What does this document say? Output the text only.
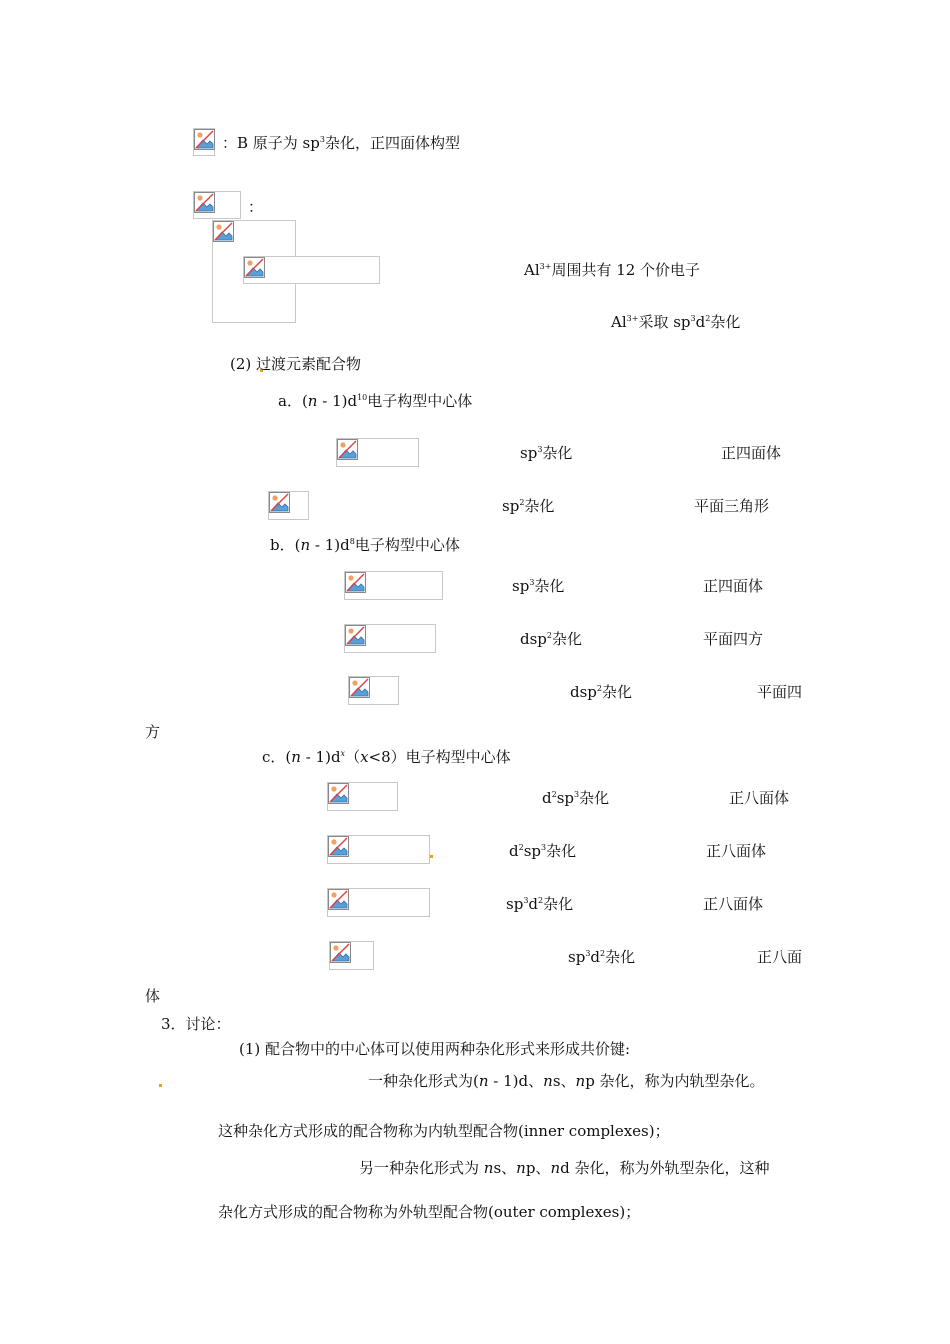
：B 原子为 $sp^3$杂化，正四面体构型
：
$Al^{3+}$周围共有 12 个价电子
$Al^{3+}$采取 $sp^3d^2$杂化
(2) 过渡元素配合物
a．$(n - 1)d^{10}$电子构型中心体
$sp^3$杂化	正四面体
$sp^2$杂化	平面三角形
b．$(n - 1)d^8$电子构型中心体
$sp^3$杂化	正四面体
dsp$^2$杂化	平面四方
dsp$^2$杂化	平面四
方
c．$(n - 1)d^x(x<8)$电子构型中心体
$d^2sp^3$杂化	正八面体
$d^2sp^3$杂化	正八面体
$sp^3d^2$杂化	正八面体
$sp^3d^2$杂化	正八面
体
3．讨论：
(1) 配合物中的中心体可以使用两种杂化形式来形成共价键:
一种杂化形式为(n - 1)d、ns、np 杂化，称为内轨型杂化。
这种杂化方式形成的配合物称为内轨型配合物(inner complexes)；
另一种杂化形式为 ns、np、nd 杂化，称为外轨型杂化，这种
杂化方式形成的配合物称为外轨型配合物(outer complexes)；
